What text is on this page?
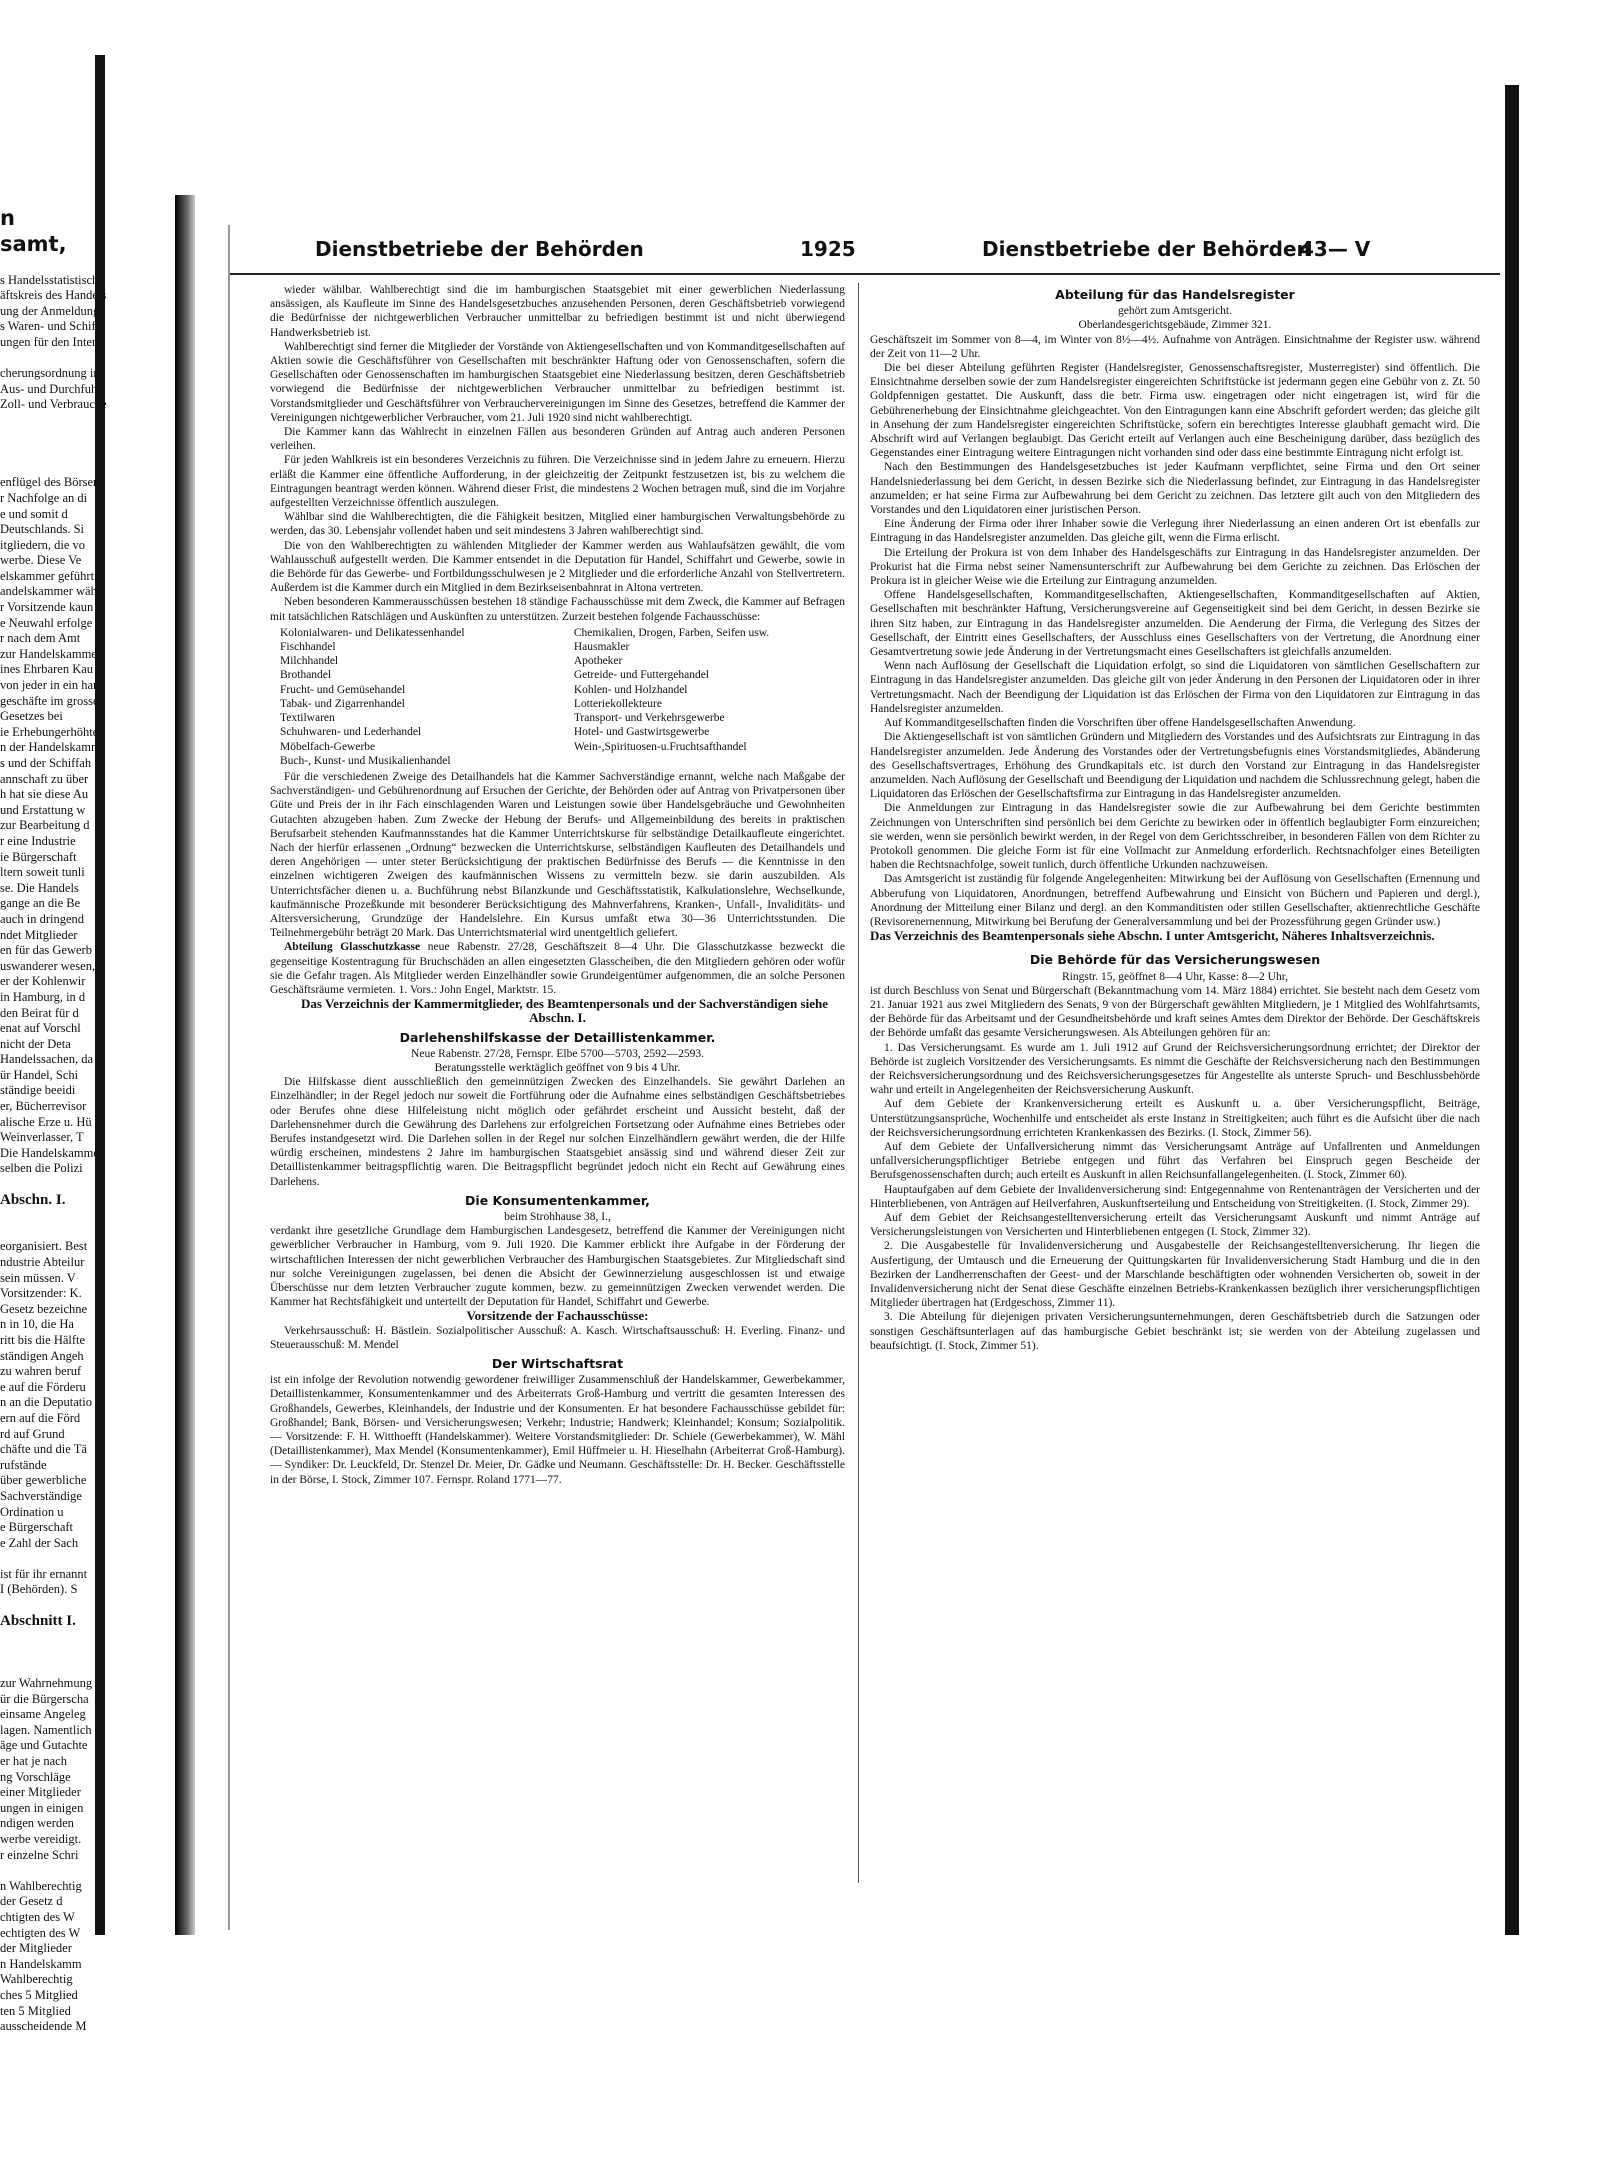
n
samt,

s Handelsstatistisch
äftskreis des Handels
ung der Anmeldungs
s Waren- und Schiffs
ungen für den Inter

cherungsordnung in
Aus- und Durchfuhr
Zoll- und Verbrauche

enflügel des Börsen
r Nachfolge an di
e und somit d
Deutschlands. Si
itgliedern, die vo
werbe. Diese Ve
elskammer geführt
andelskammer wäh
r Vorsitzende kaun
e Neuwahl erfolge
r nach dem Amt
zur Handelskamme
ines Ehrbaren Kau
von jeder in ein ham
geschäfte im grossen
Gesetzes bei
ie Erhebungerhöhte
n der Handelskamm
s und der Schiffah
annschaft zu über
h hat sie diese Au
und Erstattung w
zur Bearbeitung d
r eine Industrie
ie Bürgerschaft
ltern soweit tunli
se. Die Handels
gange an die Be
auch in dringend
ndet Mitglieder
en für das Gewerb
uswanderer wesen,
er der Kohlenwir
in Hamburg, in d
den Beirat für d
enat auf Vorschl
nicht der Deta
Handelssachen, da
ür Handel, Schi
ständige beeidi
er, Bücherrevisor
alische Erze u. Hü
Weinverlasser, T
Die Handelskamme
selben die Polizi

Abschn. I.

eorganisiert. Best
ndustrie Abteilur
sein müssen. V
Vorsitzender: K.
Gesetz bezeichne
n in 10, die Ha
ritt bis die Hälfte
ständigen Angeh
zu wahren beruf
e auf die Förderu
n an die Deputatio
ern auf die Förd
rd auf Grund
chäfte und die Tä
rufstände
über gewerbliche
Sachverständige
Ordination u
e Bürgerschaft
e Zahl der Sach

ist für ihr ernannt
I (Behörden). S

Abschnitt I.

zur Wahrnehmung
ür die Bürgerscha
einsame Angeleg
lagen. Namentlich i
äge und Gutachte
er hat je nach
ng Vorschläge
einer Mitglieder
ungen in einigen
ndigen werden
werbe vereidigt.
r einzelne Schri

n Wahlberechtig
der Gesetz d
chtigten des W
echtigten des W
der Mitglieder
n Handelskamm
Wahlberechtig
ches 5 Mitglied
ten 5 Mitglied
ausscheidende M
Dienstbetriebe der Behörden	1925	Dienstbetriebe der Behörden
43— V

wieder wählbar. Wahlberechtigt sind die im hamburgischen Staatsgebiet mit einer gewerblichen Niederlassung ansässigen, als Kaufleute im Sinne des Handelsgesetzbuches anzusehenden Personen, deren Geschäftsbetrieb vorwiegend die Bedürfnisse der nichtgewerblichen Verbraucher unmittelbar zu befriedigen bestimmt ist und nicht überwiegend Handwerksbetrieb ist.

Wahlberechtigt sind ferner die Mitglieder der Vorstände von Aktiengesellschaften und von Kommanditgesellschaften auf Aktien sowie die Geschäftsführer von Gesellschaften mit beschränkter Haftung oder von Genossenschaften, sofern die Gesellschaften oder Genossenschaften im hamburgischen Staatsgebiet eine Niederlassung besitzen, deren Geschäftsbetrieb vorwiegend die Bedürfnisse der nichtgewerblichen Verbraucher unmittelbar zu befriedigen bestimmt ist. Vorstandsmitglieder und Geschäftsführer von Verbrauchervereinigungen im Sinne des Gesetzes, betreffend die Kammer der Vereinigungen nichtgewerblicher Verbraucher, vom 21. Juli 1920 sind nicht wahlberechtigt.

Die Kammer kann das Wahlrecht in einzelnen Fällen aus besonderen Gründen auf Antrag auch anderen Personen verleihen.

Für jeden Wahlkreis ist ein besonderes Verzeichnis zu führen. Die Verzeichnisse sind in jedem Jahre zu erneuern. Hierzu erläßt die Kammer eine öffentliche Aufforderung, in der gleichzeitig der Zeitpunkt festzusetzen ist, bis zu welchem die Eintragungen beantragt werden können. Während dieser Frist, die mindestens 2 Wochen betragen muß, sind die im Vorjahre aufgestellten Verzeichnisse öffentlich auszulegen.

Wählbar sind die Wahlberechtigten, die die Fähigkeit besitzen, Mitglied einer hamburgischen Verwaltungsbehörde zu werden, das 30. Lebensjahr vollendet haben und seit mindestens 3 Jahren wahlberechtigt sind.

Die von den Wahlberechtigten zu wählenden Mitglieder der Kammer werden aus Wahlaufsätzen gewählt, die vom Wahlausschuß aufgestellt werden. Die Kammer entsendet in die Deputation für Handel, Schiffahrt und Gewerbe, sowie in die Behörde für das Gewerbe- und Fortbildungsschulwesen je 2 Mitglieder und die erforderliche Anzahl von Stellvertretern. Außerdem ist die Kammer durch ein Mitglied in dem Bezirkseisenbahnrat in Altona vertreten.

Neben besonderen Kammerausschüssen bestehen 18 ständige Fachausschüsse mit dem Zweck, die Kammer auf Befragen mit tatsächlichen Ratschlägen und Auskünften zu unterstützen. Zurzeit bestehen folgende Fachausschüsse:

Kolonialwaren- und Delikatessenhandel
Fischhandel
Milchhandel
Brothandel
Frucht- und Gemüsehandel
Tabak- und Zigarrenhandel
Textilwaren
Schuhwaren- und Lederhandel
Möbelfach-Gewerbe
Buch-, Kunst- und Musikalienhandel
Chemikalien, Drogen, Farben, Seifen usw.
Hausmakler
Apotheker
Getreide- und Futtergehandel
Kohlen- und Holzhandel
Lotteriekollekteure
Transport- und Verkehrsgewerbe
Hotel- und Gastwirtsgewerbe
Wein-,Spirituosen-u.Fruchtsafthandel

Für die verschiedenen Zweige des Detailhandels hat die Kammer Sachverständige ernannt, welche nach Maßgabe der Sachverständigen- und Gebührenordnung auf Ersuchen der Gerichte, der Behörden oder auf Antrag von Privatpersonen über Güte und Preis der in ihr Fach einschlagenden Waren und Leistungen sowie über Handelsgebräuche und Gewohnheiten Gutachten abzugeben haben. Zum Zwecke der Hebung der Berufs- und Allgemeinbildung des bereits in praktischen Berufsarbeit stehenden Kaufmannsstandes hat die Kammer Unterrichtskurse für selbständige Detailkaufleute eingerichtet. Nach der hierfür erlassenen „Ordnung“ bezwecken die Unterrichtskurse, selbständigen Kaufleuten des Detailhandels und deren Angehörigen — unter steter Berücksichtigung der praktischen Bedürfnisse des Berufs — die Kenntnisse in den einzelnen wichtigeren Zweigen des kaufmännischen Wissens zu vermitteln bezw. sie darin auszubilden. Als Unterrichtsfächer dienen u. a. Buchführung nebst Bilanzkunde und Geschäftsstatistik, Kalkulationslehre, Wechselkunde, kaufmännische Prozeßkunde mit besonderer Berücksichtigung des Mahnverfahrens, Kranken-, Unfall-, Invaliditäts- und Altersversicherung, Grundzüge der Handelslehre. Ein Kursus umfaßt etwa 30—36 Unterrichtsstunden. Die Teilnehmergebühr beträgt 20 Mark. Das Unterrichtsmaterial wird unentgeltlich geliefert.

Abteilung Glasschutzkasse neue Rabenstr. 27/28, Geschäftszeit 8—4 Uhr. Die Glasschutzkasse bezweckt die gegenseitige Kostentragung für Bruchschäden an allen eingesetzten Glasscheiben, die den Mitgliedern gehören oder wofür sie die Gefahr tragen. Als Mitglieder werden Einzelhändler sowie Grundeigentümer aufgenommen, die an solche Personen Geschäftsräume vermieten. 1. Vors.: John Engel, Marktstr. 15.

Das Verzeichnis der Kammermitglieder, des Beamtenpersonals und der Sachverständigen siehe Abschn. I.

Darlehenshilfskasse der Detaillistenkammer.
Neue Rabenstr. 27/28, Fernspr. Elbe 5700—5703, 2592—2593.
Beratungsstelle werktäglich geöffnet von 9 bis 4 Uhr.

Die Hilfskasse dient ausschließlich den gemeinnützigen Zwecken des Einzelhandels. Sie gewährt Darlehen an Einzelhändler; in der Regel jedoch nur soweit die Fortführung oder die Aufnahme eines selbständigen Geschäftsbetriebes oder Berufes ohne diese Hilfeleistung nicht möglich oder gefährdet erscheint und Aussicht besteht, daß der Darlehensnehmer durch die Gewährung des Darlehens zur erfolgreichen Fortsetzung oder Aufnahme eines Betriebes oder Berufes instandgesetzt wird. Die Darlehen sollen in der Regel nur solchen Einzelhändlern gewährt werden, die der Hilfe würdig erscheinen, mindestens 2 Jahre im hamburgischen Staatsgebiet ansässig sind und während dieser Zeit zur Detaillistenkammer beitragspflichtig waren. Die Beitragspflicht begründet jedoch nicht ein Recht auf Gewährung eines Darlehens.

Die Konsumentenkammer,
beim Strohhause 38, I.,

verdankt ihre gesetzliche Grundlage dem Hamburgischen Landesgesetz, betreffend die Kammer der Vereinigungen nicht gewerblicher Verbraucher in Hamburg, vom 9. Juli 1920. Die Kammer erblickt ihre Aufgabe in der Förderung der wirtschaftlichen Interessen der nicht gewerblichen Verbraucher des Hamburgischen Staatsgebietes. Zur Mitgliedschaft sind nur solche Vereinigungen zugelassen, bei denen die Absicht der Gewinnerzielung ausgeschlossen ist und etwaige Überschüsse nur dem letzten Verbraucher zugute kommen, bezw. zu gemeinnützigen Zwecken verwendet werden. Die Kammer hat Rechtsfähigkeit und unterteilt der Deputation für Handel, Schiffahrt und Gewerbe.

Vorsitzende der Fachausschüsse:

Verkehrsausschuß: H. Bästlein. Sozialpolitischer Ausschuß: A. Kasch. Wirtschaftsausschuß: H. Everling. Finanz- und Steuerausschuß: M. Mendel

Der Wirtschaftsrat

ist ein infolge der Revolution notwendig gewordener freiwilliger Zusammenschluß der Handelskammer, Gewerbekammer, Detaillistenkammer, Konsumentenkammer und des Arbeiterrats Groß-Hamburg und vertritt die gesamten Interessen des Großhandels, Gewerbes, Kleinhandels, der Industrie und der Konsumenten. Er hat besondere Fachausschüsse gebildet für: Großhandel; Bank, Börsen- und Versicherungswesen; Verkehr; Industrie; Handwerk; Kleinhandel; Konsum; Sozialpolitik. — Vorsitzende: F. H. Witthoefft (Handelskammer). Weitere Vorstandsmitglieder: Dr. Schiele (Gewerbekammer), W. Mähl (Detaillistenkammer), Max Mendel (Konsumentenkammer), Emil Hüffmeier u. H. Hieselhahn (Arbeiterrat Groß-Hamburg). — Syndiker: Dr. Leuckfeld, Dr. Stenzel Dr. Meier, Dr. Gädke und Neumann. Geschäftsstelle: Dr. H. Becker. Geschäftsstelle in der Börse, I. Stock, Zimmer 107. Fernspr. Roland 1771—77.

Abteilung für das Handelsregister
gehört zum Amtsgericht.
Oberlandesgerichtsgebäude, Zimmer 321.

Geschäftszeit im Sommer von 8—4, im Winter von 8½—4½. Aufnahme von Anträgen. Einsichtnahme der Register usw. während der Zeit von 11—2 Uhr.

Die bei dieser Abteilung geführten Register (Handelsregister, Genossenschaftsregister, Musterregister) sind öffentlich. Die Einsichtnahme derselben sowie der zum Handelsregister eingereichten Schriftstücke ist jedermann gegen eine Gebühr von z. Zt. 50 Goldpfennigen gestattet. Die Auskunft, dass die betr. Firma usw. eingetragen oder nicht eingetragen ist, wird für die Gebührenerhebung der Einsichtnahme gleichgeachtet. Von den Eintragungen kann eine Abschrift gefordert werden; das gleiche gilt in Ansehung der zum Handelsregister eingereichten Schriftstücke, sofern ein berechtigtes Interesse glaubhaft gemacht wird. Die Abschrift wird auf Verlangen beglaubigt. Das Gericht erteilt auf Verlangen auch eine Bescheinigung darüber, dass bezüglich des Gegenstandes einer Eintragung weitere Eintragungen nicht vorhanden sind oder dass eine bestimmte Eintragung nicht erfolgt ist.

Nach den Bestimmungen des Handelsgesetzbuches ist jeder Kaufmann verpflichtet, seine Firma und den Ort seiner Handelsniederlassung bei dem Gericht, in dessen Bezirke sich die Niederlassung befindet, zur Eintragung in das Handelsregister anzumelden; er hat seine Firma zur Aufbewahrung bei dem Gericht zu zeichnen. Das letztere gilt auch von den Mitgliedern des Vorstandes und den Liquidatoren einer juristischen Person.

Eine Änderung der Firma oder ihrer Inhaber sowie die Verlegung ihrer Niederlassung an einen anderen Ort ist ebenfalls zur Eintragung in das Handelsregister anzumelden. Das gleiche gilt, wenn die Firma erlischt.

Die Erteilung der Prokura ist von dem Inhaber des Handelsgeschäfts zur Eintragung in das Handelsregister anzumelden. Der Prokurist hat die Firma nebst seiner Namensunterschrift zur Aufbewahrung bei dem Gerichte zu zeichnen. Das Erlöschen der Prokura ist in gleicher Weise wie die Erteilung zur Eintragung anzumelden.

Offene Handelsgesellschaften, Kommanditgesellschaften, Aktiengesellschaften, Kommanditgesellschaften auf Aktien, Gesellschaften mit beschränkter Haftung, Versicherungsvereine auf Gegenseitigkeit sind bei dem Gericht, in dessen Bezirke sie ihren Sitz haben, zur Eintragung in das Handelsregister anzumelden. Die Aenderung der Firma, die Verlegung des Sitzes der Gesellschaft, der Eintritt eines Gesellschafters, der Ausschluss eines Gesellschafters von der Vertretung, die Anordnung einer Gesamtvertretung sowie jede Änderung in der Vertretungsmacht eines Gesellschafters ist gleichfalls anzumelden.

Wenn nach Auflösung der Gesellschaft die Liquidation erfolgt, so sind die Liquidatoren von sämtlichen Gesellschaftern zur Eintragung in das Handelsregister anzumelden. Das gleiche gilt von jeder Änderung in den Personen der Liquidatoren oder in ihrer Vertretungsmacht. Nach der Beendigung der Liquidation ist das Erlöschen der Firma von den Liquidatoren zur Eintragung in das Handelsregister anzumelden.

Auf Kommanditgesellschaften finden die Vorschriften über offene Handelsgesellschaften Anwendung.

Die Aktiengesellschaft ist von sämtlichen Gründern und Mitgliedern des Vorstandes und des Aufsichtsrats zur Eintragung in das Handelsregister anzumelden. Jede Änderung des Vorstandes oder der Vertretungsbefugnis eines Vorstandsmitgliedes, Abänderung des Gesellschaftsvertrages, Erhöhung des Grundkapitals etc. ist durch den Vorstand zur Eintragung in das Handelsregister anzumelden. Nach Auflösung der Gesellschaft und Beendigung der Liquidation und nachdem die Schlussrechnung gelegt, haben die Liquidatoren das Erlöschen der Gesellschaftsfirma zur Eintragung in das Handelsregister anzumelden.

Die Anmeldungen zur Eintragung in das Handelsregister sowie die zur Aufbewahrung bei dem Gerichte bestimmten Zeichnungen von Unterschriften sind persönlich bei dem Gerichte zu bewirken oder in öffentlich beglaubigter Form einzureichen; sie werden, wenn sie persönlich bewirkt werden, in der Regel von dem Gerichtsschreiber, in besonderen Fällen von dem Richter zu Protokoll genommen. Die gleiche Form ist für eine Vollmacht zur Anmeldung erforderlich. Rechtsnachfolger eines Beteiligten haben die Rechtsnachfolge, soweit tunlich, durch öffentliche Urkunden nachzuweisen.

Das Amtsgericht ist zuständig für folgende Angelegenheiten: Mitwirkung bei der Auflösung von Gesellschaften (Ernennung und Abberufung von Liquidatoren, Anordnungen, betreffend Aufbewahrung und Einsicht von Büchern und Papieren und dergl.), Anordnung der Mitteilung einer Bilanz und dergl. an den Kommanditisten oder stillen Gesellschafter, aktienrechtliche Geschäfte (Revisorenernennung, Mitwirkung bei Berufung der Generalversammlung und bei der Prozessführung gegen Gründer usw.)

Das Verzeichnis des Beamtenpersonals siehe Abschn. I unter Amtsgericht, Näheres Inhaltsverzeichnis.

Die Behörde für das Versicherungswesen
Ringstr. 15, geöffnet 8—4 Uhr, Kasse: 8—2 Uhr,

ist durch Beschluss von Senat und Bürgerschaft (Bekanntmachung vom 14. März 1884) errichtet. Sie besteht nach dem Gesetz vom 21. Januar 1921 aus zwei Mitgliedern des Senats, 9 von der Bürgerschaft gewählten Mitgliedern, je 1 Mitglied des Wohlfahrtsamts, der Behörde für das Arbeitsamt und der Gesundheitsbehörde und kraft seines Amtes dem Direktor der Behörde. Der Geschäftskreis der Behörde umfaßt das gesamte Versicherungswesen. Als Abteilungen gehören für an:

1. Das Versicherungsamt. Es wurde am 1. Juli 1912 auf Grund der Reichsversicherungsordnung errichtet; der Direktor der Behörde ist zugleich Vorsitzender des Versicherungsamts. Es nimmt die Geschäfte der Reichsversicherung nach den Bestimmungen der Reichsversicherungsordnung und des Reichsversicherungsgesetzes für Angestellte als unterste Spruch- und Beschlussbehörde wahr und erteilt in Angelegenheiten der Reichsversicherung Auskunft.

Auf dem Gebiete der Krankenversicherung erteilt es Auskunft u. a. über Versicherungspflicht, Beiträge, Unterstützungsansprüche, Wochenhilfe und entscheidet als erste Instanz in Streitigkeiten; auch führt es die Aufsicht über die nach der Reichsversicherungsordnung errichteten Krankenkassen des Bezirks. (I. Stock, Zimmer 56).

Auf dem Gebiete der Unfallversicherung nimmt das Versicherungsamt Anträge auf Unfallrenten und Anmeldungen unfallversicherungspflichtiger Betriebe entgegen und führt das Verfahren bei Einspruch gegen Bescheide der Berufsgenossenschaften durch; auch erteilt es Auskunft in allen Reichsunfallangelegenheiten. (I. Stock, Zimmer 60).

Hauptaufgaben auf dem Gebiete der Invalidenversicherung sind: Entgegennahme von Rentenanträgen der Versicherten und der Hinterbliebenen, von Anträgen auf Heilverfahren, Auskunftserteilung und Entscheidung von Streitigkeiten. (I. Stock, Zimmer 29).

Auf dem Gebiet der Reichsangestelltenversicherung erteilt das Versicherungsamt Auskunft und nimmt Anträge auf Versicherungsleistungen von Versicherten und Hinterbliebenen entgegen (I. Stock, Zimmer 32).

2. Die Ausgabestelle für Invalidenversicherung und Ausgabestelle der Reichsangestelltenversicherung. Ihr liegen die Ausfertigung, der Umtausch und die Erneuerung der Quittungskarten für Invalidenversicherung Stadt Hamburg und die in den Bezirken der Landherrenschaften der Geest- und der Marschlande beschäftigten oder wohnenden Versicherten ob, soweit in der Invalidenversicherung nicht der Senat diese Geschäfte einzelnen Betriebs-Krankenkassen bezüglich ihrer versicherungspflichtigen Mitglieder übertragen hat (Erdgeschoss, Zimmer 11).

3. Die Abteilung für diejenigen privaten Versicherungsunternehmungen, deren Geschäftsbetrieb durch die Satzungen oder sonstigen Geschäftsunterlagen auf das hamburgische Gebiet beschränkt ist; sie werden von der Abteilung zugelassen und beaufsichtigt. (I. Stock, Zimmer 51).
